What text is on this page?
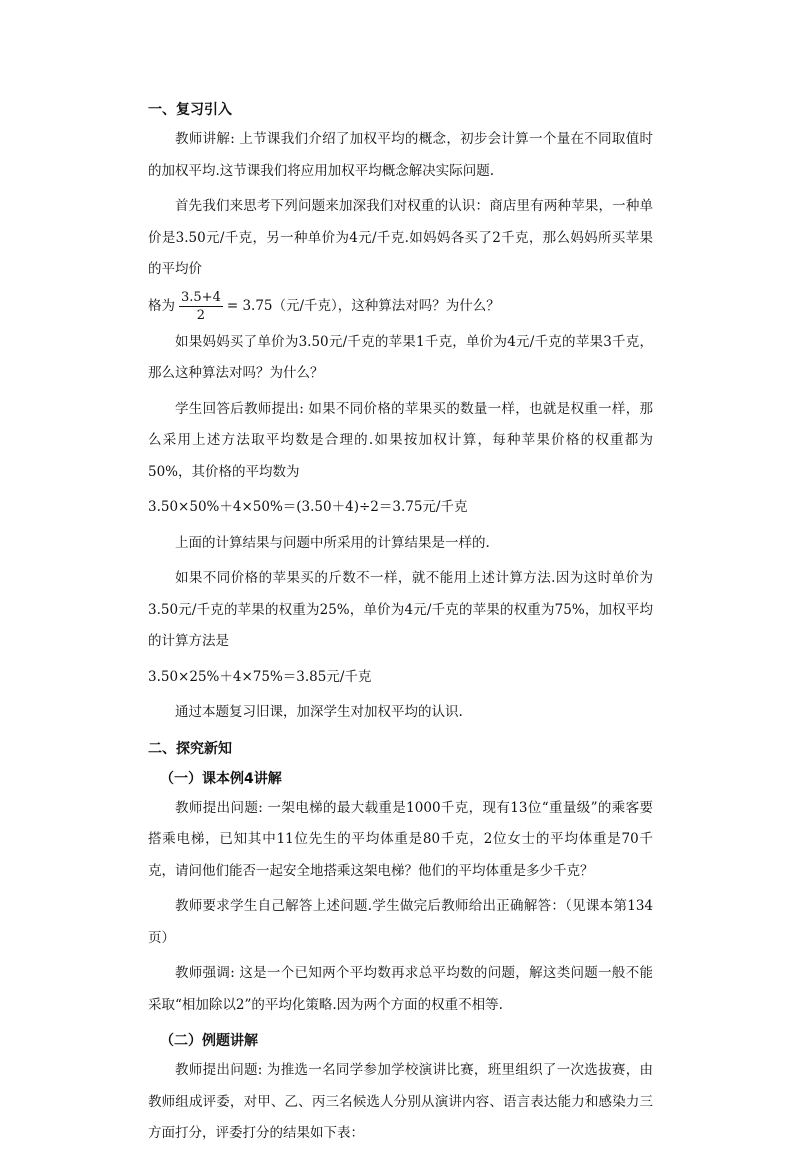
一、复习引入

教师讲解: 上节课我们介绍了加权平均的概念，初步会计算一个量在不同取值时的加权平均.这节课我们将应用加权平均概念解决实际问题.

首先我们来思考下列问题来加深我们对权重的认识：商店里有两种苹果，一种单价是3.50元/千克，另一种单价为4元/千克.如妈妈各买了2千克，那么妈妈所买苹果的平均价

格为 $\frac{3.5+4}{2} = 3.75$（元/千克），这种算法对吗？为什么？

如果妈妈买了单价为3.50元/千克的苹果1千克，单价为4元/千克的苹果3千克，那么这种算法对吗？为什么？

学生回答后教师提出: 如果不同价格的苹果买的数量一样，也就是权重一样，那么采用上述方法取平均数是合理的.如果按加权计算，每种苹果价格的权重都为50%，其价格的平均数为

3.50×50%＋4×50%＝(3.50＋4)÷2＝3.75元/千克

上面的计算结果与问题中所采用的计算结果是一样的.

如果不同价格的苹果买的斤数不一样，就不能用上述计算方法.因为这时单价为3.50元/千克的苹果的权重为25%，单价为4元/千克的苹果的权重为75%，加权平均的计算方法是

3.50×25%＋4×75%＝3.85元/千克

通过本题复习旧课，加深学生对加权平均的认识.

二、探究新知
（一）课本例4讲解

教师提出问题: 一架电梯的最大载重是1000千克，现有13位“重量级”的乘客要搭乘电梯，已知其中11位先生的平均体重是80千克，2位女士的平均体重是70千克，请问他们能否一起安全地搭乘这架电梯？他们的平均体重是多少千克？

教师要求学生自己解答上述问题.学生做完后教师给出正确解答：（见课本第134页）

教师强调: 这是一个已知两个平均数再求总平均数的问题，解这类问题一般不能采取“相加除以2”的平均化策略.因为两个方面的权重不相等.

（二）例题讲解

教师提出问题: 为推选一名同学参加学校演讲比赛，班里组织了一次选拔赛，由教师组成评委，对甲、乙、丙三名候选人分别从演讲内容、语言表达能力和感染力三方面打分，评委打分的结果如下表：
